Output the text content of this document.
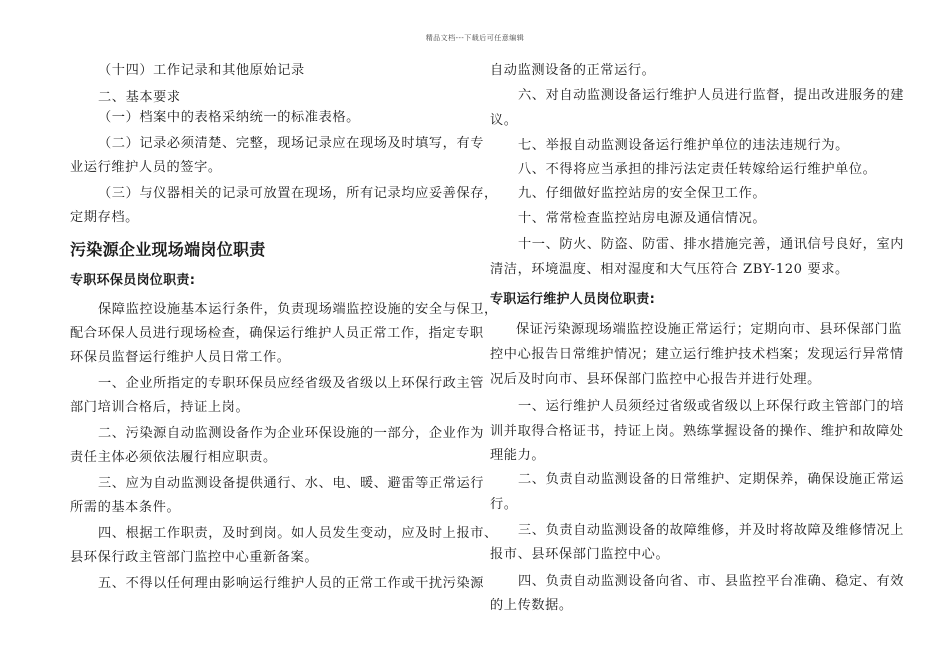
精品文档---下载后可任意编辑
（十四）工作记录和其他原始记录
二、基本要求
（一）档案中的表格采纳统一的标准表格。
（二）记录必须清楚、完整，现场记录应在现场及时填写，有专
业运行维护人员的签字。
（三）与仪器相关的记录可放置在现场，所有记录均应妥善保存，
定期存档。
污染源企业现场端岗位职责
专职环保员岗位职责:
保障监控设施基本运行条件，负责现场端监控设施的安全与保卫，
配合环保人员进行现场检查，确保运行维护人员正常工作，指定专职
环保员监督运行维护人员日常工作。
一、企业所指定的专职环保员应经省级及省级以上环保行政主管
部门培训合格后，持证上岗。
二、污染源自动监测设备作为企业环保设施的一部分，企业作为
责任主体必须依法履行相应职责。
三、应为自动监测设备提供通行、水、电、暖、避雷等正常运行
所需的基本条件。
四、根据工作职责，及时到岗。如人员发生变动，应及时上报市、
县环保行政主管部门监控中心重新备案。
五、不得以任何理由影响运行维护人员的正常工作或干扰污染源
自动监测设备的正常运行。
六、对自动监测设备运行维护人员进行监督，提出改进服务的建
议。
七、举报自动监测设备运行维护单位的违法违规行为。
八、不得将应当承担的排污法定责任转嫁给运行维护单位。
九、仔细做好监控站房的安全保卫工作。
十、常常检查监控站房电源及通信情况。
十一、防火、防盗、防雷、排水措施完善，通讯信号良好，室内
清洁，环境温度、相对湿度和大气压符合 ZBY-120 要求。
专职运行维护人员岗位职责:
保证污染源现场端监控设施正常运行；定期向市、县环保部门监
控中心报告日常维护情况；建立运行维护技术档案；发现运行异常情
况后及时向市、县环保部门监控中心报告并进行处理。
一、运行维护人员须经过省级或省级以上环保行政主管部门的培
训并取得合格证书，持证上岗。熟练掌握设备的操作、维护和故障处
理能力。
二、负责自动监测设备的日常维护、定期保养，确保设施正常运
行。
三、负责自动监测设备的故障维修，并及时将故障及维修情况上
报市、县环保部门监控中心。
四、负责自动监测设备向省、市、县监控平台准确、稳定、有效
的上传数据。
